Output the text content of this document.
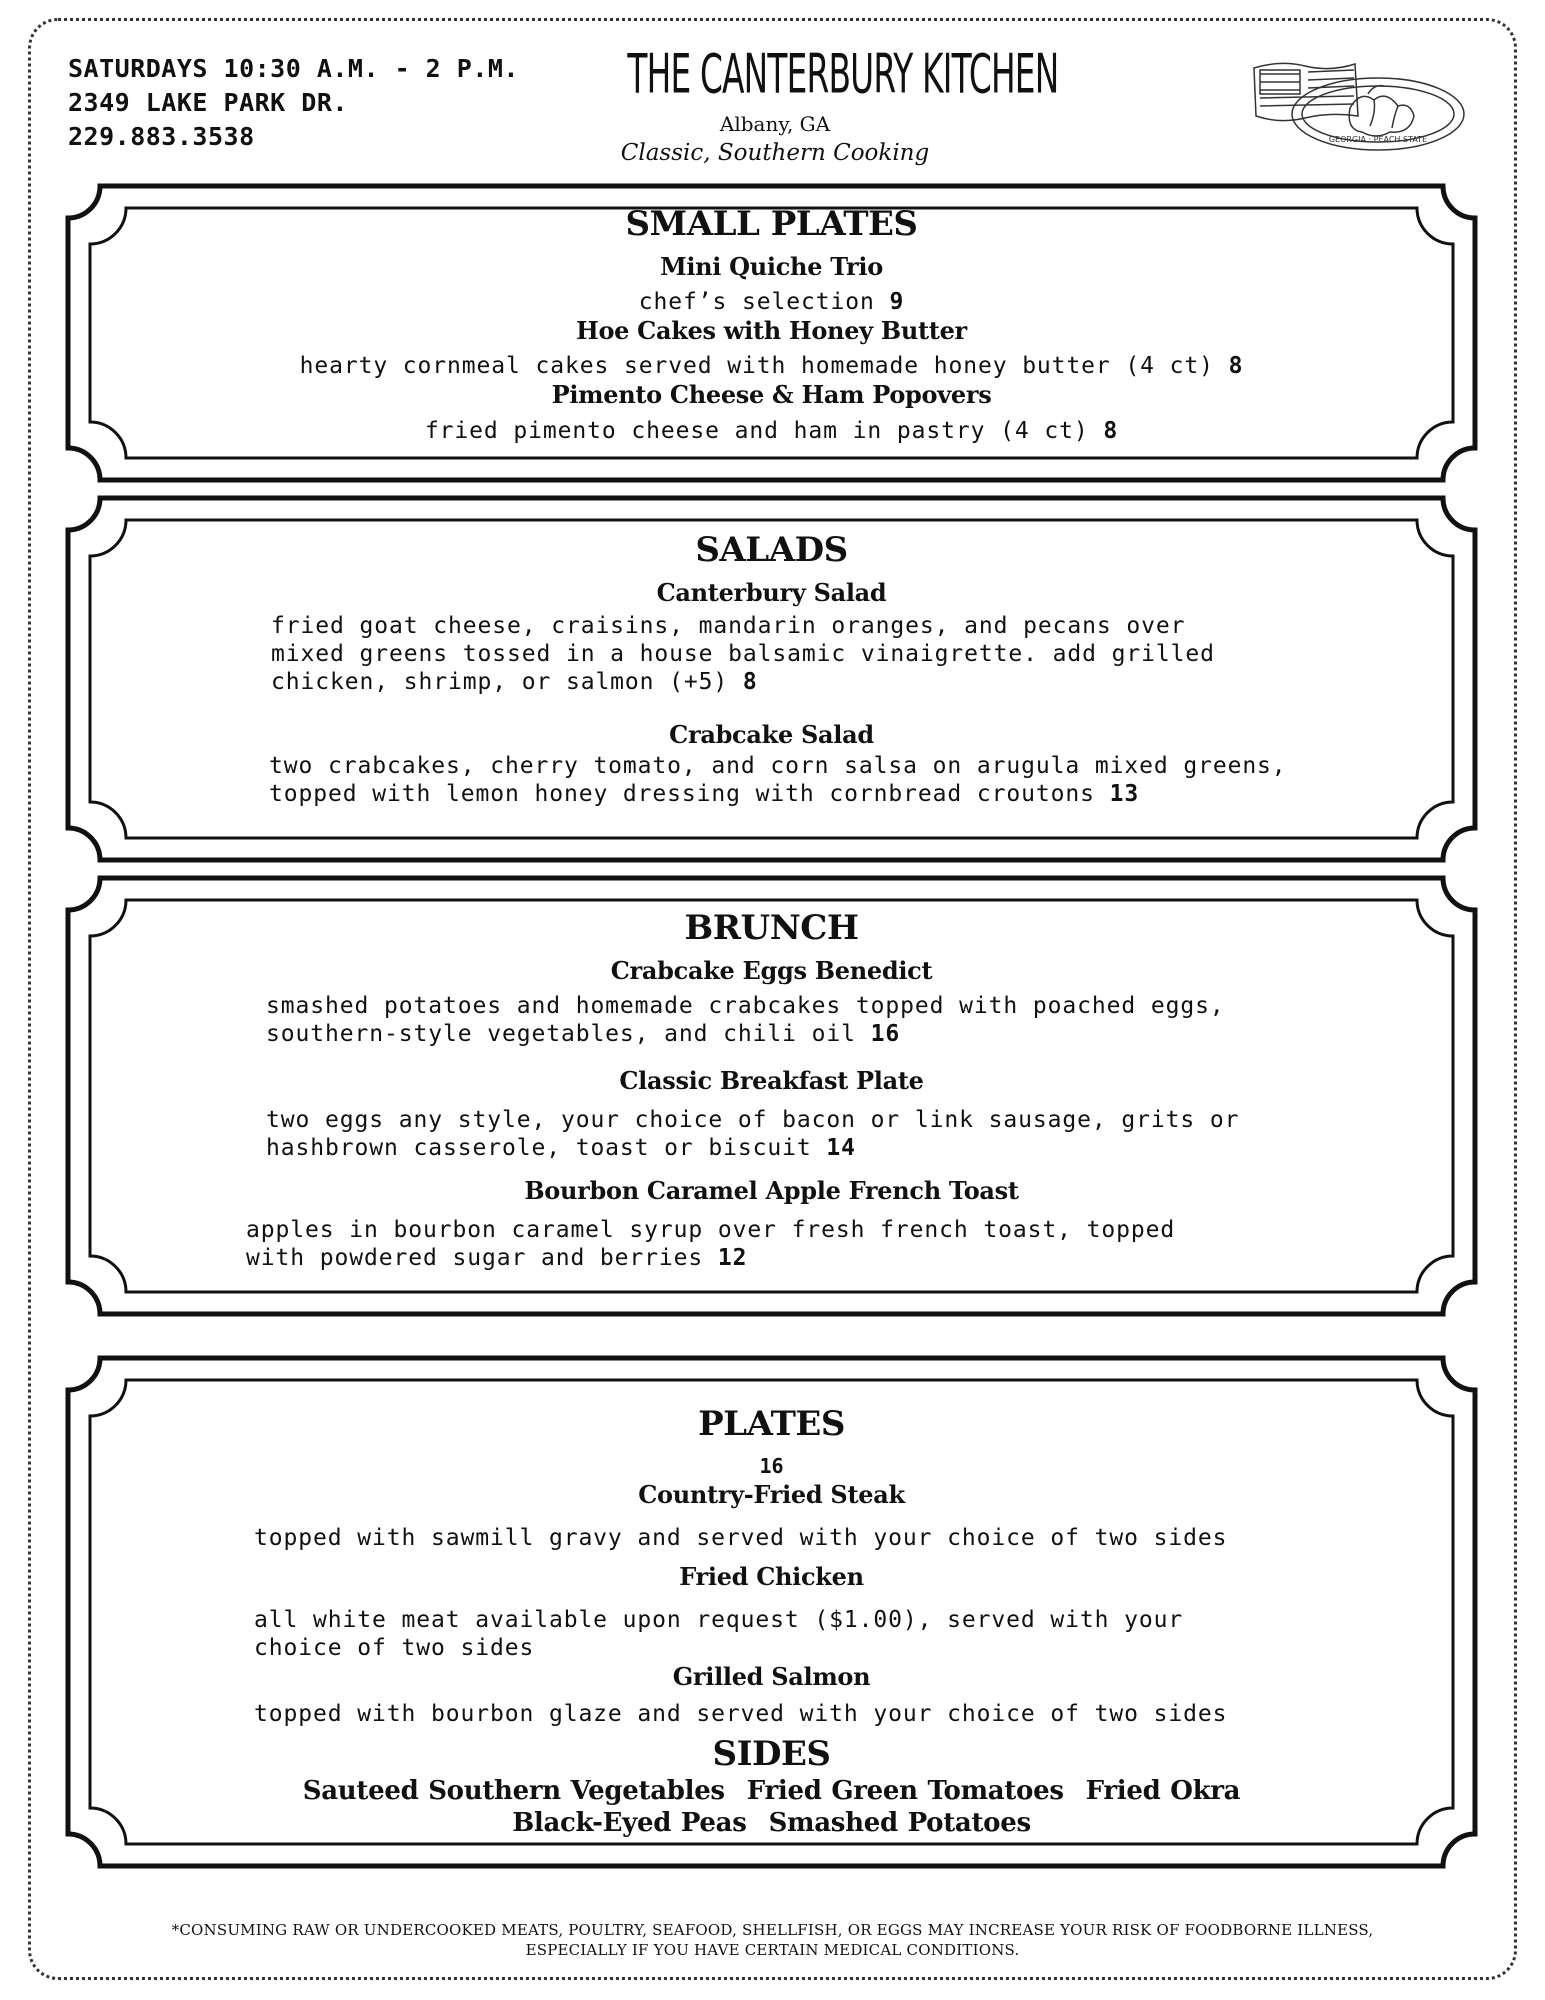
SATURDAYS 10:30 A.M. - 2 P.M.
2349 LAKE PARK DR.
229.883.3538
THE CANTERBURY KITCHEN
Albany, GA
Classic, Southern Cooking
GEORGIA · PEACH STATE
SMALL PLATES
Mini Quiche Trio
chef’s selection 9
Hoe Cakes with Honey Butter
hearty cornmeal cakes served with homemade honey butter (4 ct) 8
Pimento Cheese & Ham Popovers
fried pimento cheese and ham in pastry (4 ct) 8
SALADS
Canterbury Salad
fried goat cheese, craisins, mandarin oranges, and pecans over
mixed greens tossed in a house balsamic vinaigrette. add grilled
chicken, shrimp, or salmon (+5) 8
Crabcake Salad
two crabcakes, cherry tomato, and corn salsa on arugula mixed greens,
topped with lemon honey dressing with cornbread croutons 13
BRUNCH
Crabcake Eggs Benedict
smashed potatoes and homemade crabcakes topped with poached eggs,
southern-style vegetables, and chili oil 16
Classic Breakfast Plate
two eggs any style, your choice of bacon or link sausage, grits or
hashbrown casserole, toast or biscuit 14
Bourbon Caramel Apple French Toast
apples in bourbon caramel syrup over fresh french toast, topped
with powdered sugar and berries 12
PLATES
16
Country-Fried Steak
topped with sawmill gravy and served with your choice of two sides
Fried Chicken
all white meat available upon request ($1.00), served with your
choice of two sides
Grilled Salmon
topped with bourbon glaze and served with your choice of two sides
SIDES
Sauteed Southern Vegetables Fried Green Tomatoes Fried Okra
Black-Eyed Peas Smashed Potatoes
*CONSUMING RAW OR UNDERCOOKED MEATS, POULTRY, SEAFOOD, SHELLFISH, OR EGGS MAY INCREASE YOUR RISK OF FOODBORNE ILLNESS,
ESPECIALLY IF YOU HAVE CERTAIN MEDICAL CONDITIONS.
